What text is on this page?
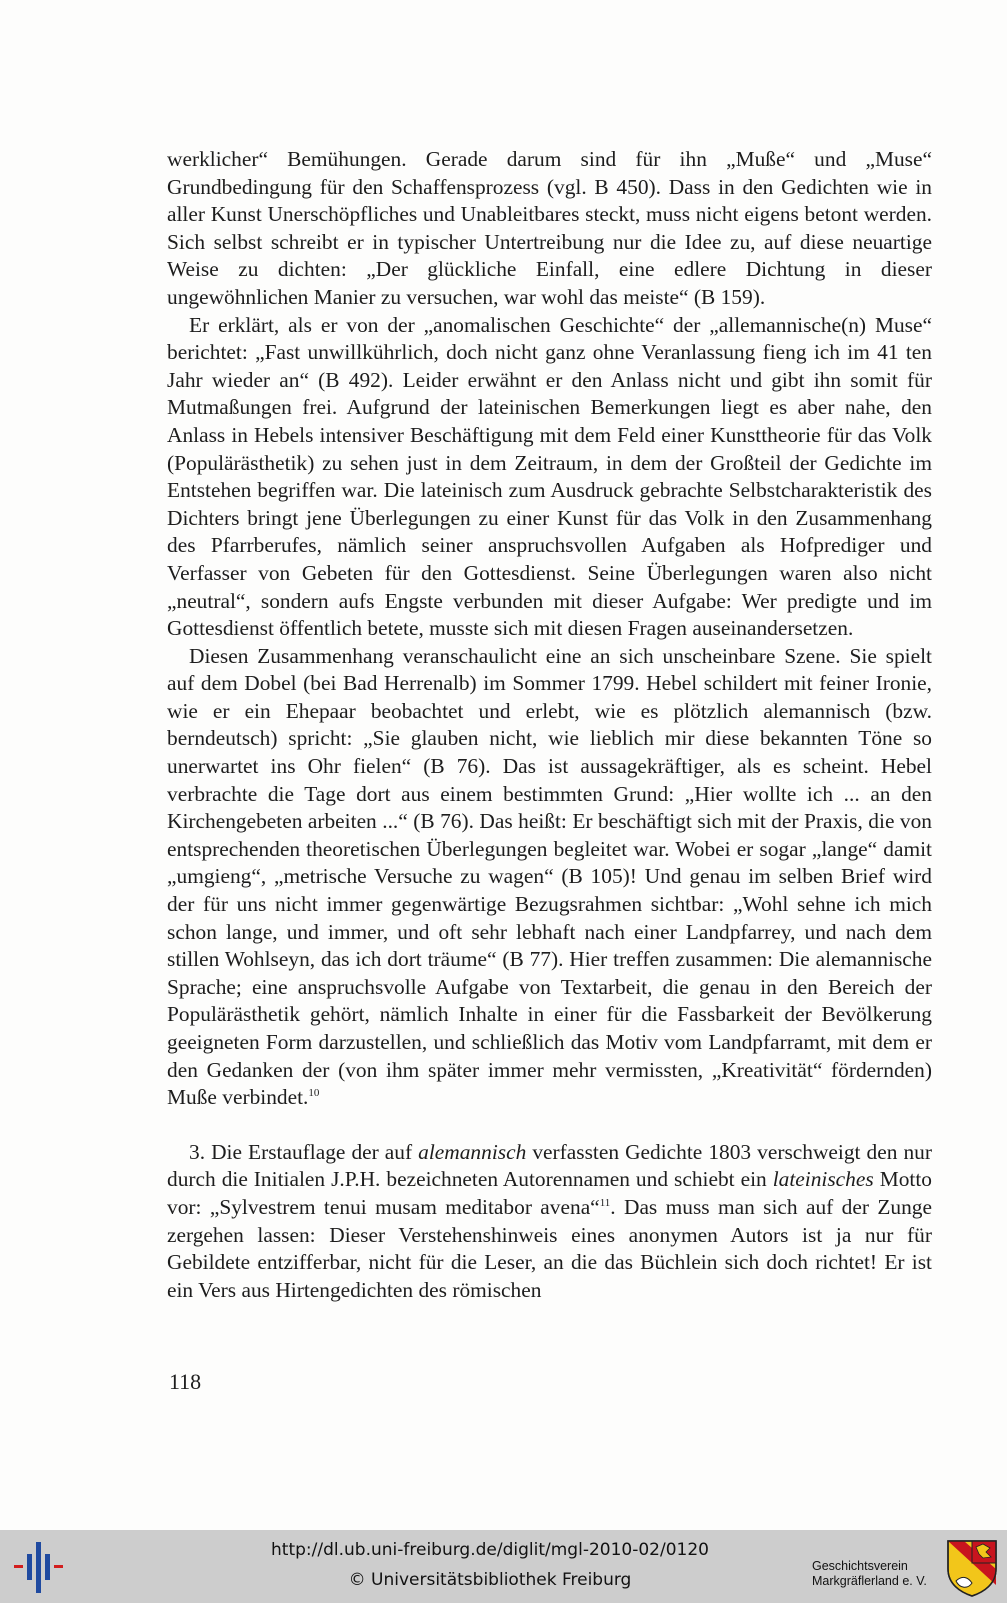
werklicher“ Bemühungen. Gerade darum sind für ihn „Muße“ und „Muse“ Grundbedingung für den Schaffensprozess (vgl. B 450). Dass in den Gedichten wie in aller Kunst Unerschöpfliches und Unableitbares steckt, muss nicht eigens betont werden. Sich selbst schreibt er in typischer Untertreibung nur die Idee zu, auf diese neuartige Weise zu dichten: „Der glückliche Einfall, eine edlere Dichtung in dieser ungewöhnlichen Manier zu versuchen, war wohl das meiste“ (B 159).

Er erklärt, als er von der „anomalischen Geschichte“ der „allemannische(n) Muse“ berichtet: „Fast unwillkührlich, doch nicht ganz ohne Veranlassung fieng ich im 41 ten Jahr wieder an“ (B 492). Leider erwähnt er den Anlass nicht und gibt ihn somit für Mutmaßungen frei. Aufgrund der lateinischen Bemerkungen liegt es aber nahe, den Anlass in Hebels intensiver Beschäftigung mit dem Feld einer Kunsttheorie für das Volk (Populärästhetik) zu sehen just in dem Zeitraum, in dem der Großteil der Gedichte im Entstehen begriffen war. Die lateinisch zum Ausdruck gebrachte Selbstcharakteristik des Dichters bringt jene Überlegungen zu einer Kunst für das Volk in den Zusammenhang des Pfarrberufes, nämlich seiner anspruchsvollen Aufgaben als Hofprediger und Verfasser von Gebeten für den Gottesdienst. Seine Überlegungen waren also nicht „neutral“, sondern aufs Engste verbunden mit dieser Aufgabe: Wer predigte und im Gottesdienst öffentlich betete, musste sich mit diesen Fragen auseinandersetzen.

Diesen Zusammenhang veranschaulicht eine an sich unscheinbare Szene. Sie spielt auf dem Dobel (bei Bad Herrenalb) im Sommer 1799. Hebel schildert mit feiner Ironie, wie er ein Ehepaar beobachtet und erlebt, wie es plötzlich alemannisch (bzw. berndeutsch) spricht: „Sie glauben nicht, wie lieblich mir diese bekannten Töne so unerwartet ins Ohr fielen“ (B 76). Das ist aussagekräftiger, als es scheint. Hebel verbrachte die Tage dort aus einem bestimmten Grund: „Hier wollte ich ... an den Kirchengebeten arbeiten ...“ (B 76). Das heißt: Er beschäftigt sich mit der Praxis, die von entsprechenden theoretischen Überlegungen begleitet war. Wobei er sogar „lange“ damit „umgieng“, „metrische Versuche zu wagen“ (B 105)! Und genau im selben Brief wird der für uns nicht immer gegenwärtige Bezugsrahmen sichtbar: „Wohl sehne ich mich schon lange, und immer, und oft sehr lebhaft nach einer Landpfarrey, und nach dem stillen Wohlseyn, das ich dort träume“ (B 77). Hier treffen zusammen: Die alemannische Sprache; eine anspruchsvolle Aufgabe von Textarbeit, die genau in den Bereich der Populärästhetik gehört, nämlich Inhalte in einer für die Fassbarkeit der Bevölkerung geeigneten Form darzustellen, und schließlich das Motiv vom Landpfarramt, mit dem er den Gedanken der (von ihm später immer mehr vermissten, „Kreativität“ fördernden) Muße verbindet.$^{10}$

3. Die Erstauflage der auf alemannisch verfassten Gedichte 1803 verschweigt den nur durch die Initialen J.P.H. bezeichneten Autorennamen und schiebt ein lateinisches Motto vor: „Sylvestrem tenui musam meditabor avena“$^{11}$. Das muss man sich auf der Zunge zergehen lassen: Dieser Verstehenshinweis eines anonymen Autors ist ja nur für Gebildete entzifferbar, nicht für die Leser, an die das Büchlein sich doch richtet! Er ist ein Vers aus Hirtengedichten des römischen

118
http://dl.ub.uni-freiburg.de/diglit/mgl-2010-02/0120
© Universitätsbibliothek Freiburg
Geschichtsverein
Markgräflerland e. V.
